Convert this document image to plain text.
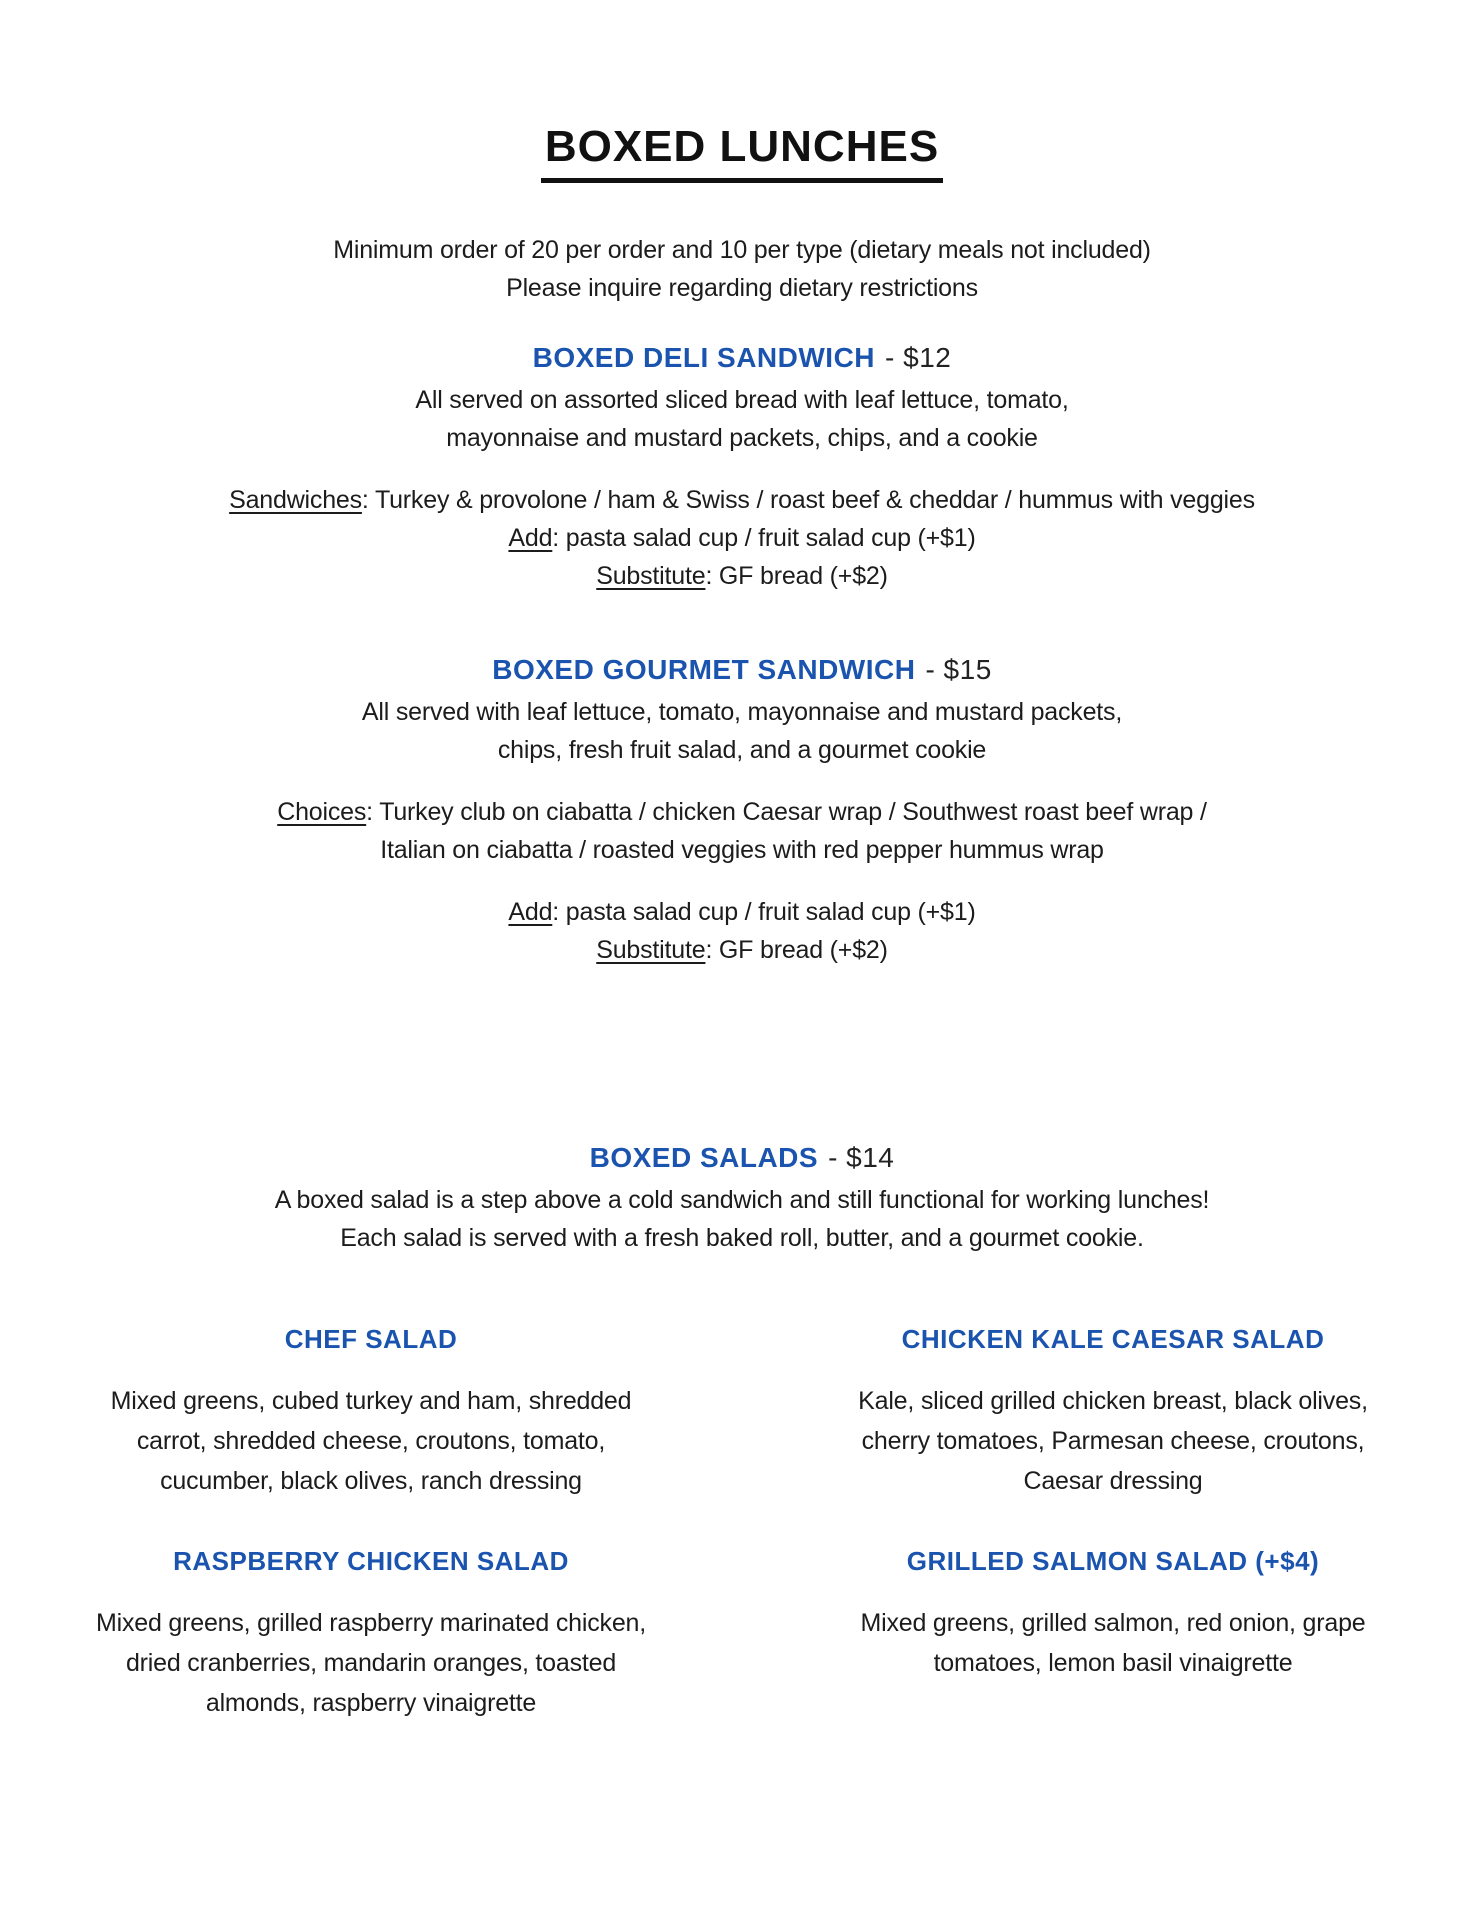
BOXED LUNCHES
Minimum order of 20 per order and 10 per type (dietary meals not included)
Please inquire regarding dietary restrictions
BOXED DELI SANDWICH - $12
All served on assorted sliced bread with leaf lettuce, tomato,
mayonnaise and mustard packets, chips, and a cookie
Sandwiches: Turkey & provolone / ham & Swiss / roast beef & cheddar / hummus with veggies
Add: pasta salad cup / fruit salad cup (+$1)
Substitute: GF bread (+$2)
BOXED GOURMET SANDWICH - $15
All served with leaf lettuce, tomato, mayonnaise and mustard packets,
chips, fresh fruit salad, and a gourmet cookie
Choices: Turkey club on ciabatta / chicken Caesar wrap / Southwest roast beef wrap /
Italian on ciabatta / roasted veggies with red pepper hummus wrap
Add: pasta salad cup / fruit salad cup (+$1)
Substitute: GF bread (+$2)
BOXED SALADS - $14
A boxed salad is a step above a cold sandwich and still functional for working lunches!
Each salad is served with a fresh baked roll, butter, and a gourmet cookie.
CHEF SALAD
Mixed greens, cubed turkey and ham, shredded carrot, shredded cheese, croutons, tomato, cucumber, black olives, ranch dressing
CHICKEN KALE CAESAR SALAD
Kale, sliced grilled chicken breast, black olives, cherry tomatoes, Parmesan cheese, croutons, Caesar dressing
RASPBERRY CHICKEN SALAD
Mixed greens, grilled raspberry marinated chicken, dried cranberries, mandarin oranges, toasted almonds, raspberry vinaigrette
GRILLED SALMON SALAD (+$4)
Mixed greens, grilled salmon, red onion, grape tomatoes, lemon basil vinaigrette
